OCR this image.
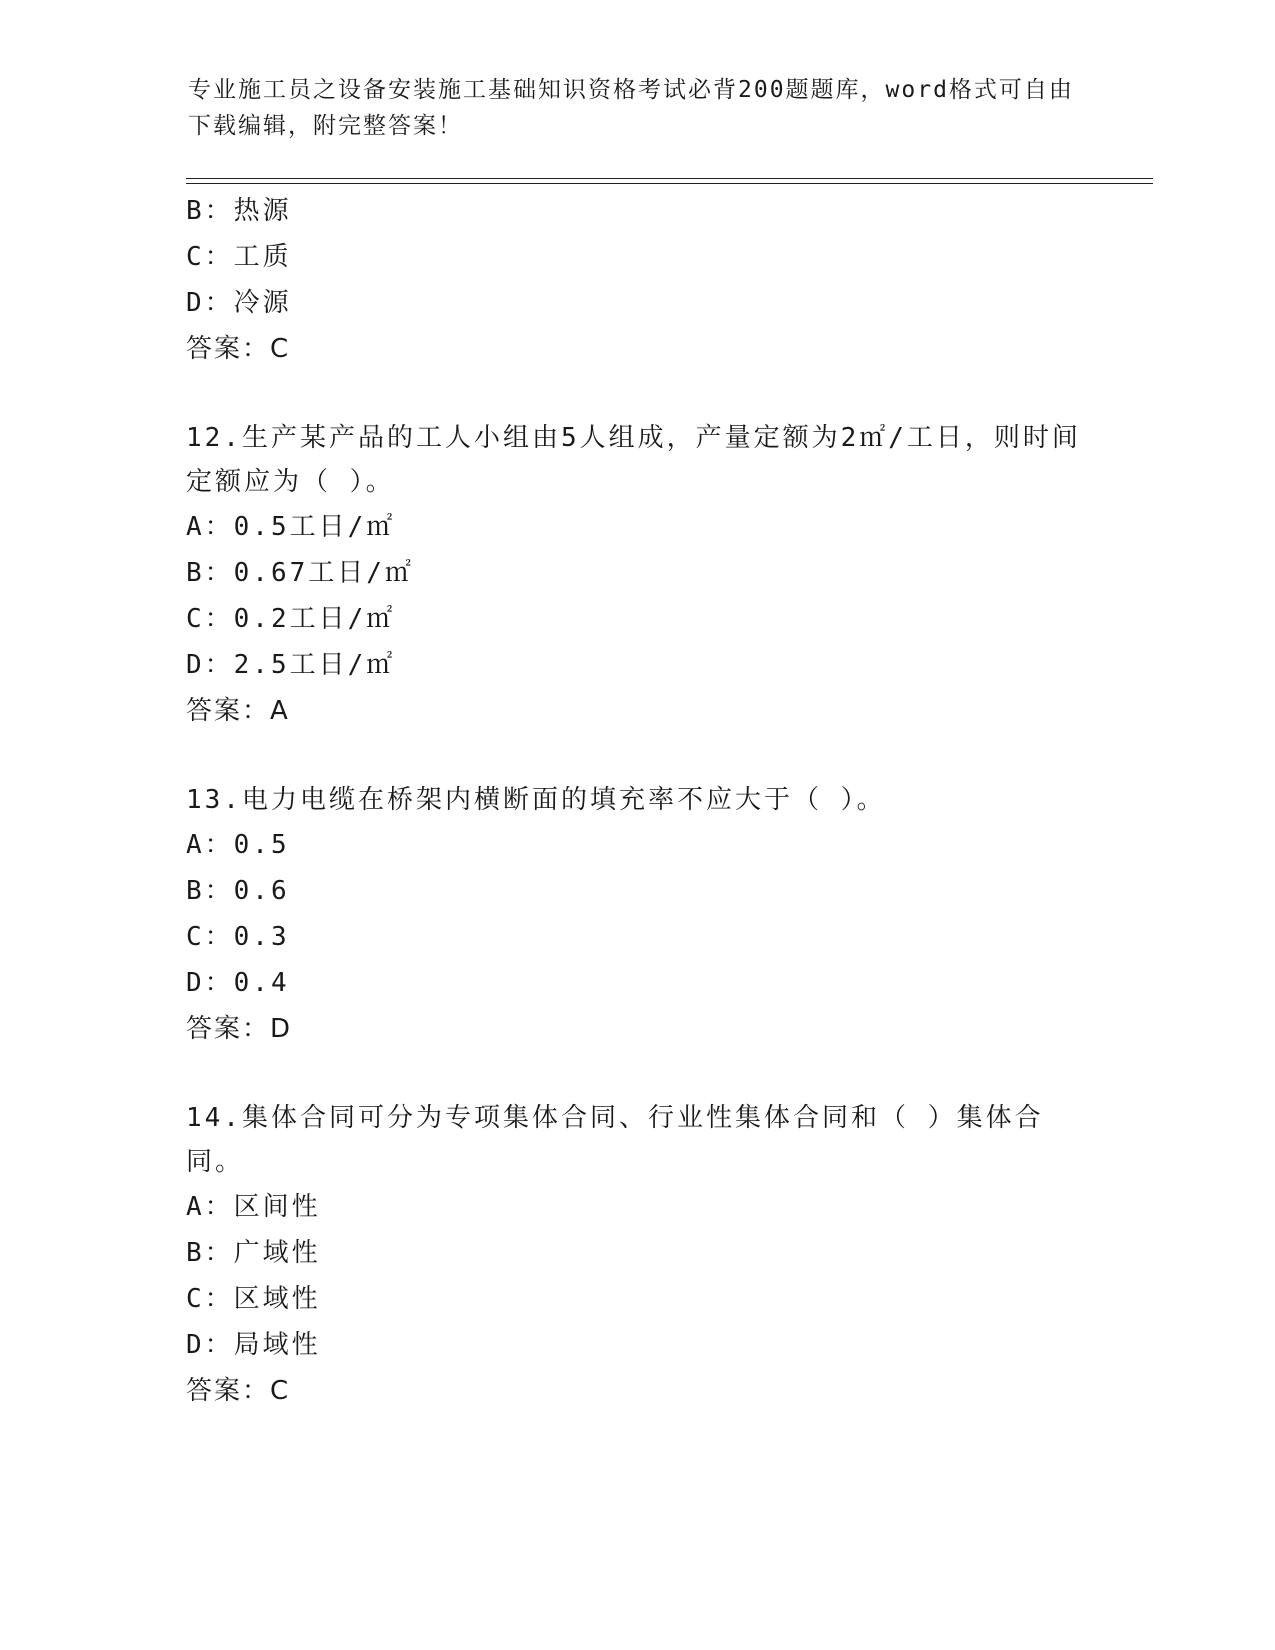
专业施工员之设备安装施工基础知识资格考试必背200题题库，word格式可自由下载编辑，附完整答案！
B：热源
C：工质
D：冷源
答案：C
12.生产某产品的工人小组由5人组成，产量定额为2㎡/工日，则时间定额应为（ ）。
A：0.5工日/㎡
B：0.67工日/㎡
C：0.2工日/㎡
D：2.5工日/㎡
答案：A
13.电力电缆在桥架内横断面的填充率不应大于（ ）。
A：0.5
B：0.6
C：0.3
D：0.4
答案：D
14.集体合同可分为专项集体合同、行业性集体合同和（ ）集体合同。
A：区间性
B：广域性
C：区域性
D：局域性
答案：C
